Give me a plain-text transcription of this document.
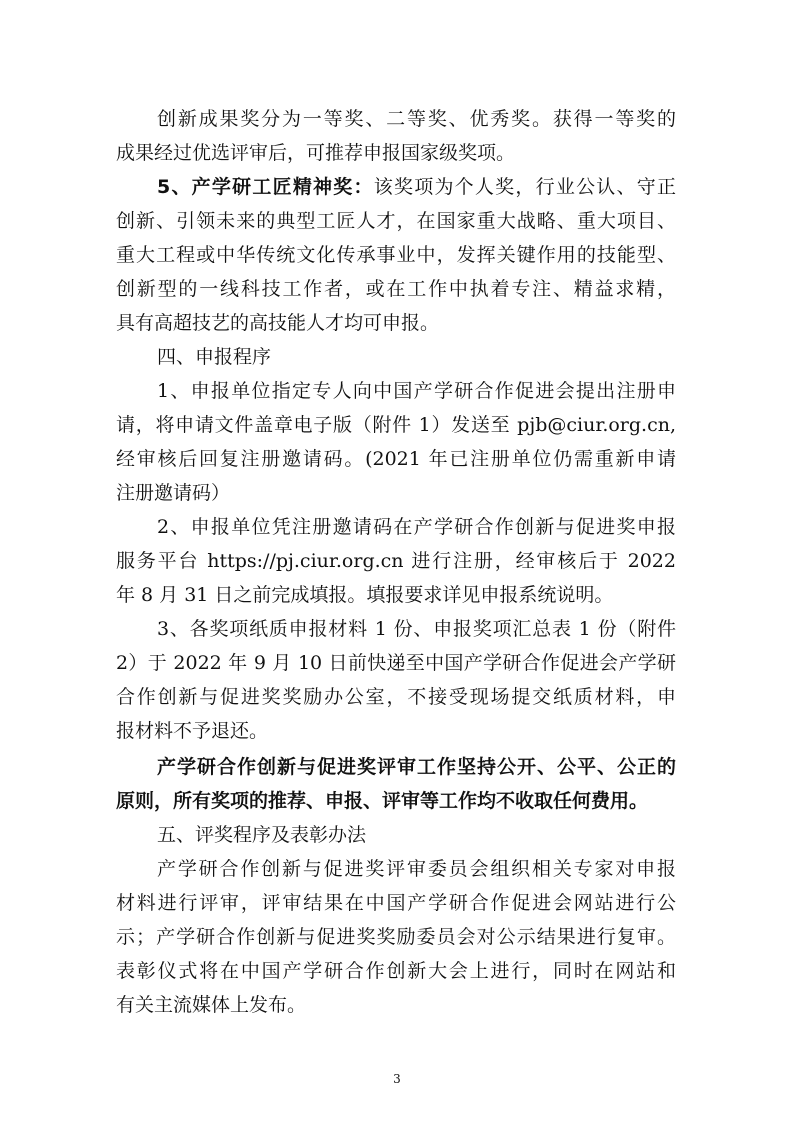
创新成果奖分为一等奖、二等奖、优秀奖。获得一等奖的
成果经过优选评审后，可推荐申报国家级奖项。
5、产学研工匠精神奖：该奖项为个人奖，行业公认、守正
创新、引领未来的典型工匠人才，在国家重大战略、重大项目、
重大工程或中华传统文化传承事业中，发挥关键作用的技能型、
创新型的一线科技工作者，或在工作中执着专注、精益求精，
具有高超技艺的高技能人才均可申报。
四、申报程序
1、申报单位指定专人向中国产学研合作促进会提出注册申
请，将申请文件盖章电子版（附件 1）发送至 pjb@ciur.org.cn,
经审核后回复注册邀请码。(2021 年已注册单位仍需重新申请
注册邀请码）
2、申报单位凭注册邀请码在产学研合作创新与促进奖申报
服务平台 https://pj.ciur.org.cn 进行注册，经审核后于 2022
年 8 月 31 日之前完成填报。填报要求详见申报系统说明。
3、各奖项纸质申报材料 1 份、申报奖项汇总表 1 份（附件
2）于 2022 年 9 月 10 日前快递至中国产学研合作促进会产学研
合作创新与促进奖奖励办公室，不接受现场提交纸质材料，申
报材料不予退还。
产学研合作创新与促进奖评审工作坚持公开、公平、公正的
原则，所有奖项的推荐、申报、评审等工作均不收取任何费用。
五、评奖程序及表彰办法
产学研合作创新与促进奖评审委员会组织相关专家对申报
材料进行评审，评审结果在中国产学研合作促进会网站进行公
示；产学研合作创新与促进奖奖励委员会对公示结果进行复审。
表彰仪式将在中国产学研合作创新大会上进行，同时在网站和
有关主流媒体上发布。
3
